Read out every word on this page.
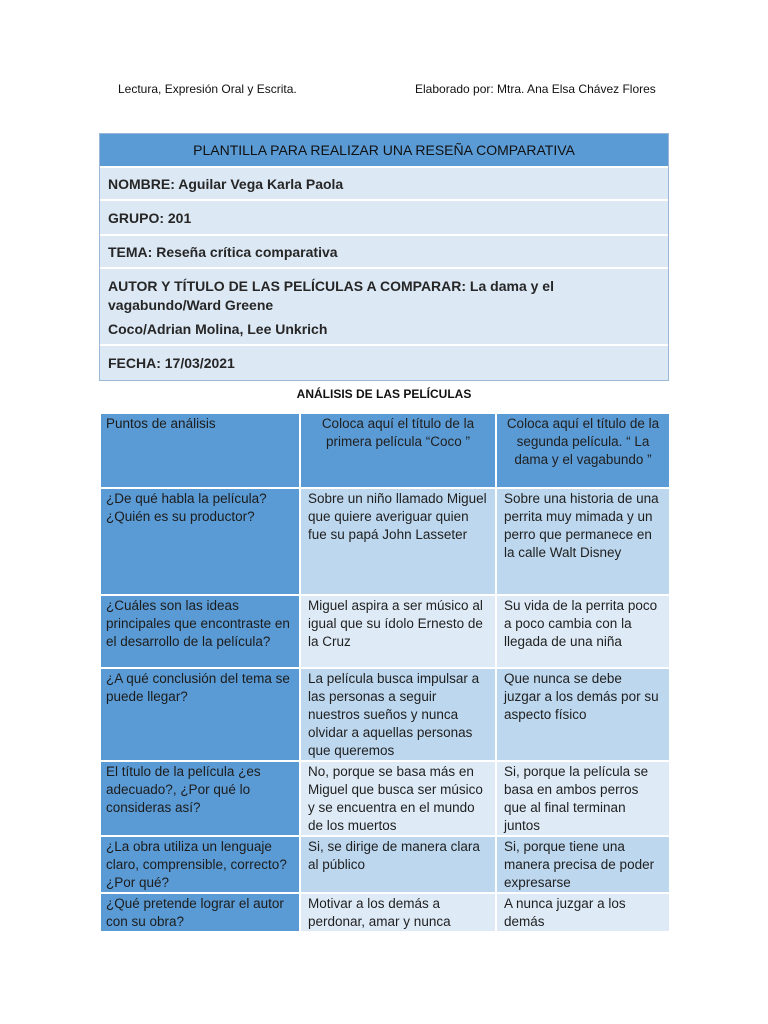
Lectura, Expresión Oral y Escrita.	Elaborado por: Mtra. Ana Elsa Chávez Flores
PLANTILLA PARA REALIZAR UNA RESEÑA COMPARATIVA
NOMBRE: Aguilar Vega Karla Paola
GRUPO: 201
TEMA: Reseña crítica comparativa
AUTOR Y TÍTULO DE LAS PELÍCULAS A COMPARAR: La dama y el vagabundo/Ward Greene
Coco/Adrian Molina, Lee Unkrich
FECHA: 17/03/2021
ANÁLISIS DE LAS PELÍCULAS
Puntos de análisis	Coloca aquí el título de la primera película “Coco ”	Coloca aquí el título de la segunda película. “ La dama y el vagabundo ”
¿De qué habla la película? ¿Quién es su productor?	Sobre un niño llamado Miguel que quiere averiguar quien fue su papá John Lasseter	Sobre una historia de una perrita muy mimada y un perro que permanece en la calle Walt Disney
¿Cuáles son las ideas principales que encontraste en el desarrollo de la película?	Miguel aspira a ser músico al igual que su ídolo Ernesto de la Cruz	Su vida de la perrita poco a poco cambia con la llegada de una niña
¿A qué conclusión del tema se puede llegar?	La película busca impulsar a las personas a seguir nuestros sueños y nunca olvidar a aquellas personas que queremos	Que nunca se debe juzgar a los demás por su aspecto físico
El título de la película ¿es adecuado?, ¿Por qué lo consideras así?	No, porque se basa más en Miguel que busca ser músico y se encuentra en el mundo de los muertos	Si, porque la película se basa en ambos perros que al final terminan juntos
¿La obra utiliza un lenguaje claro, comprensible, correcto? ¿Por qué?	Si, se dirige de manera clara al público	Si, porque tiene una manera precisa de poder expresarse
¿Qué pretende lograr el autor con su obra?	Motivar a los demás a perdonar, amar y nunca	A nunca juzgar a los demás
